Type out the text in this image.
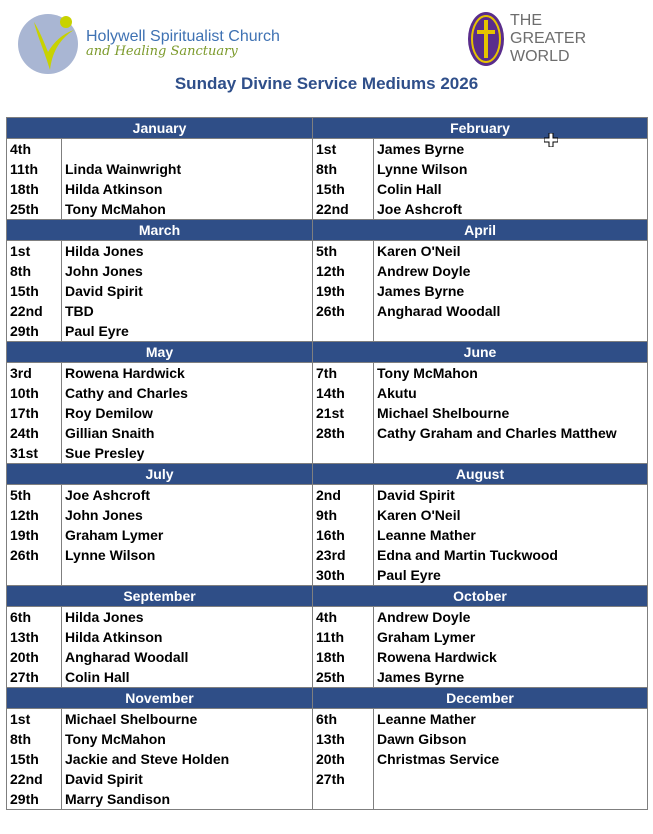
Holywell Spiritualist Church
and Healing Sanctuary
THE
GREATER
WORLD
Sunday Divine Service Mediums 2026
January		February	
4th		1st	James Byrne
11th	Linda Wainwright	8th	Lynne Wilson
18th	Hilda Atkinson	15th	Colin Hall
25th	Tony McMahon	22nd	Joe Ashcroft
March		April	
1st	Hilda Jones	5th	Karen O'Neil
8th	John Jones	12th	Andrew Doyle
15th	David Spirit	19th	James Byrne
22nd	TBD	26th	Angharad Woodall
29th	Paul Eyre		
May		June	
3rd	Rowena Hardwick	7th	Tony McMahon
10th	Cathy and Charles	14th	Akutu
17th	Roy Demilow	21st	Michael Shelbourne
24th	Gillian Snaith	28th	Cathy Graham and Charles Matthew
31st	Sue Presley		
July		August	
5th	Joe Ashcroft	2nd	David Spirit
12th	John Jones	9th	Karen O'Neil
19th	Graham Lymer	16th	Leanne Mather
26th	Lynne Wilson	23rd	Edna and Martin Tuckwood
		30th	Paul Eyre
September		October	
6th	Hilda Jones	4th	Andrew Doyle
13th	Hilda Atkinson	11th	Graham Lymer
20th	Angharad Woodall	18th	Rowena Hardwick
27th	Colin Hall	25th	James Byrne
November		December	
1st	Michael Shelbourne	6th	Leanne Mather
8th	Tony McMahon	13th	Dawn Gibson
15th	Jackie and Steve Holden	20th	Christmas Service
22nd	David Spirit	27th	
29th	Marry Sandison		
